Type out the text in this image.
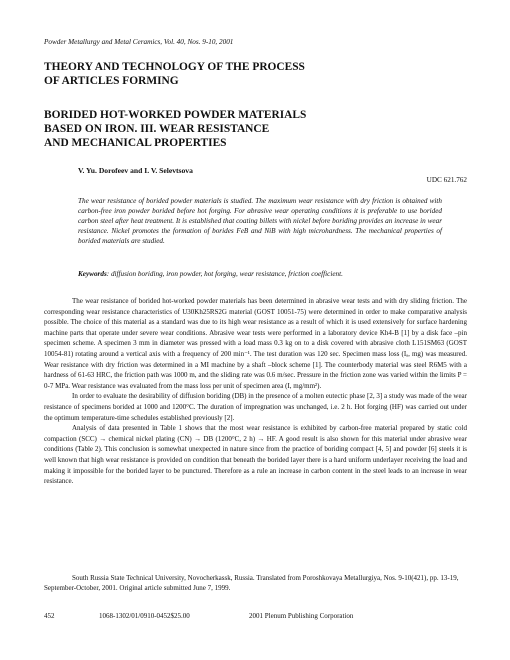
Powder Metallurgy and Metal Ceramics, Vol. 40, Nos. 9-10, 2001
THEORY AND TECHNOLOGY OF THE PROCESS
OF ARTICLES FORMING
BORIDED HOT-WORKED POWDER MATERIALS
BASED ON IRON. III. WEAR RESISTANCE
AND MECHANICAL PROPERTIES
V. Yu. Dorofeev and I. V. Selevtsova
UDC 621.762
The wear resistance of borided powder materials is studied. The maximum wear resistance with dry friction is obtained with carbon-free iron powder borided before hot forging. For abrasive wear operating conditions it is preferable to use borided carbon steel after heat treatment. It is established that coating billets with nickel before boriding provides an increase in wear resistance. Nickel promotes the formation of borides FeB and NiB with high microhardness. The mechanical properties of borided materials are studied.
Keywords: diffusion boriding, iron powder, hot forging, wear resistance, friction coefficient.

The wear resistance of borided hot-worked powder materials has been determined in abrasive wear tests and with dry sliding friction. The corresponding wear resistance characteristics of U30Kh25RS2G material (GOST 10051-75) were determined in order to make comparative analysis possible. The choice of this material as a standard was due to its high wear resistance as a result of which it is used extensively for surface hardening machine parts that operate under severe wear conditions. Abrasive wear tests were performed in a laboratory device Kh4-B [1] by a disk face –pin specimen scheme. A specimen 3 mm in diameter was pressed with a load mass 0.3 kg on to a disk covered with abrasive cloth L151SM63 (GOST 10054-81) rotating around a vertical axis with a frequency of 200 min⁻¹. The test duration was 120 sec. Specimen mass loss (Iₐ, mg) was measured. Wear resistance with dry friction was determined in a MI machine by a shaft –block scheme [1]. The counterbody material was steel R6M5 with a hardness of 61-63 HRC, the friction path was 1000 m, and the sliding rate was 0.6 m/sec. Pressure in the friction zone was varied within the limits P = 0-7 MPa. Wear resistance was evaluated from the mass loss per unit of specimen area (I, mg/mm²).

In order to evaluate the desirability of diffusion boriding (DB) in the presence of a molten eutectic phase [2, 3] a study was made of the wear resistance of specimens borided at 1000 and 1200°C. The duration of impregnation was unchanged, i.e. 2 h. Hot forging (HF) was carried out under the optimum temperature-time schedules established previously [2].

Analysis of data presented in Table 1 shows that the most wear resistance is exhibited by carbon-free material prepared by static cold compaction (SCC) → chemical nickel plating (CN) → DB (1200°C, 2 h) → HF. A good result is also shown for this material under abrasive wear conditions (Table 2). This conclusion is somewhat unexpected in nature since from the practice of boriding compact [4, 5] and powder [6] steels it is well known that high wear resistance is provided on condition that beneath the borided layer there is a hard uniform underlayer receiving the load and making it impossible for the borided layer to be punctured. Therefore as a rule an increase in carbon content in the steel leads to an increase in wear resistance.

South Russia State Technical University, Novocherkassk, Russia. Translated from Poroshkovaya Metallurgiya, Nos. 9-10(421), pp. 13-19, September-October, 2001. Original article submitted June 7, 1999.
452	1068-1302/01/0910-0452$25.00	2001 Plenum Publishing Corporation
